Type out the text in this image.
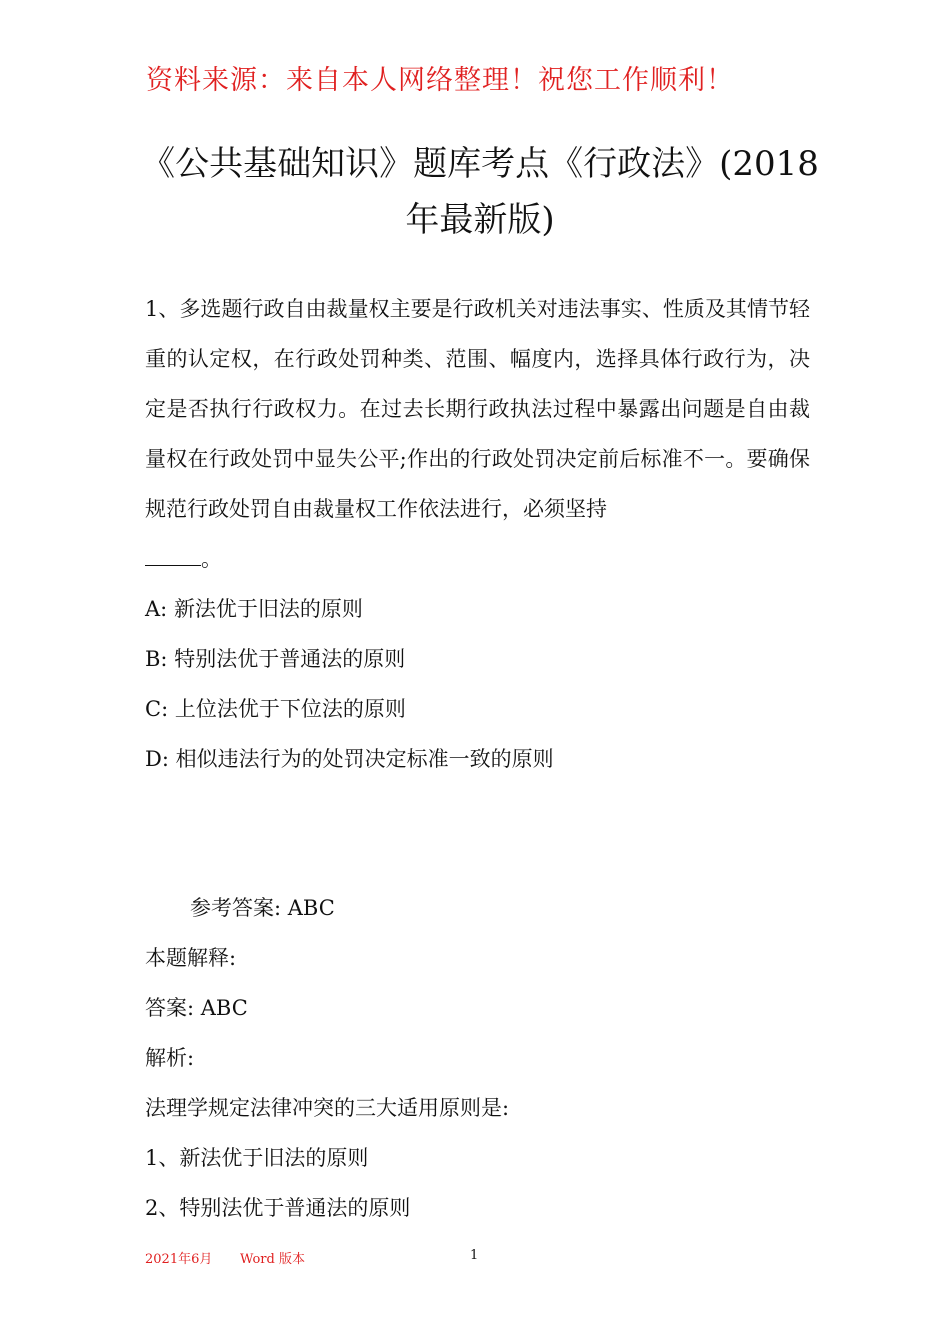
资料来源：来自本人网络整理！祝您工作顺利！
《公共基础知识》题库考点《行政法》(2018
年最新版)

1、多选题行政自由裁量权主要是行政机关对违法事实、性质及其情节轻重的认定权，在行政处罚种类、范围、幅度内，选择具体行政行为，决定是否执行行政权力。在过去长期行政执法过程中暴露出问题是自由裁量权在行政处罚中显失公平;作出的行政处罚决定前后标准不一。要确保规范行政处罚自由裁量权工作依法进行，必须坚持
。

A: 新法优于旧法的原则

B: 特别法优于普通法的原则

C: 上位法优于下位法的原则

D: 相似违法行为的处罚决定标准一致的原则

参考答案: ABC

本题解释:

答案: ABC

解析:

法理学规定法律冲突的三大适用原则是:

1、新法优于旧法的原则

2、特别法优于普通法的原则

2021年6月 Word 版本	1
